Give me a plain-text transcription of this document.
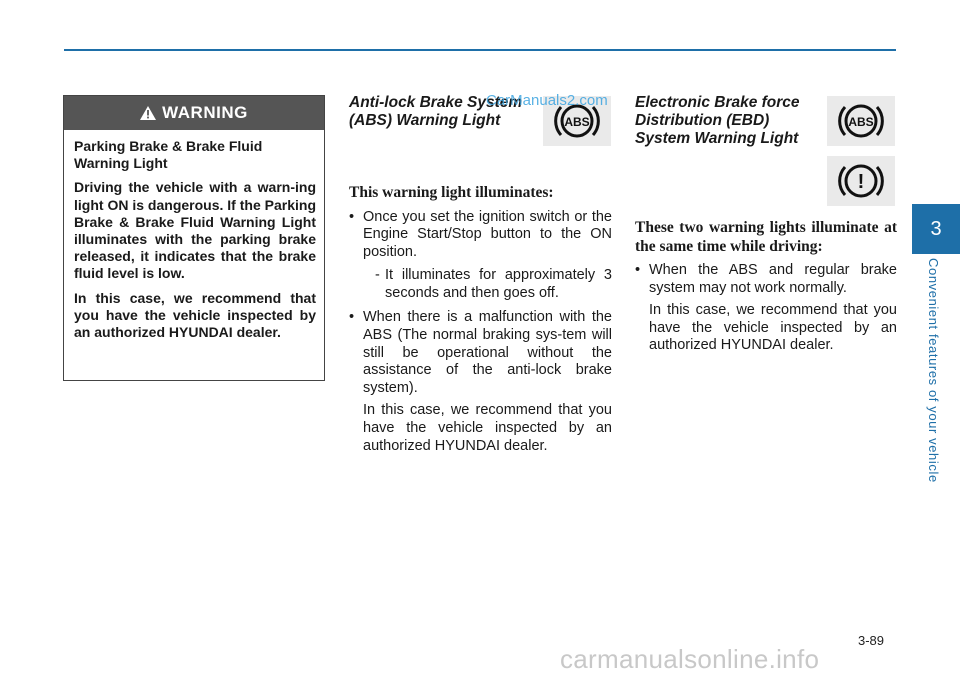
3
Convenient features of your vehicle
WARNING

Parking Brake & Brake Fluid Warning Light

Driving the vehicle with a warn-ing light ON is dangerous. If the Parking Brake & Brake Fluid Warning Light illuminates with the parking brake released, it indicates that the brake fluid level is low.

In this case, we recommend that you have the vehicle inspected by an authorized HYUNDAI dealer.

Anti-lock Brake System (ABS) Warning Light
This warning light illuminates:
• Once you set the ignition switch or the Engine Start/Stop button to the ON position.
- It illuminates for approximately 3 seconds and then goes off.
• When there is a malfunction with the ABS (The normal braking sys-tem will still be operational without the assistance of the anti-lock brake system).
In this case, we recommend that you have the vehicle inspected by an authorized HYUNDAI dealer.
ABS
CarManuals2.com Electronic Brake force Distribution (EBD) System Warning Light
These two warning lights illuminate at the same time while driving:
• When the ABS and regular brake system may not work normally.
In this case, we recommend that you have the vehicle inspected by an authorized HYUNDAI dealer.
ABS
!
3-89
carmanualsonline.info
